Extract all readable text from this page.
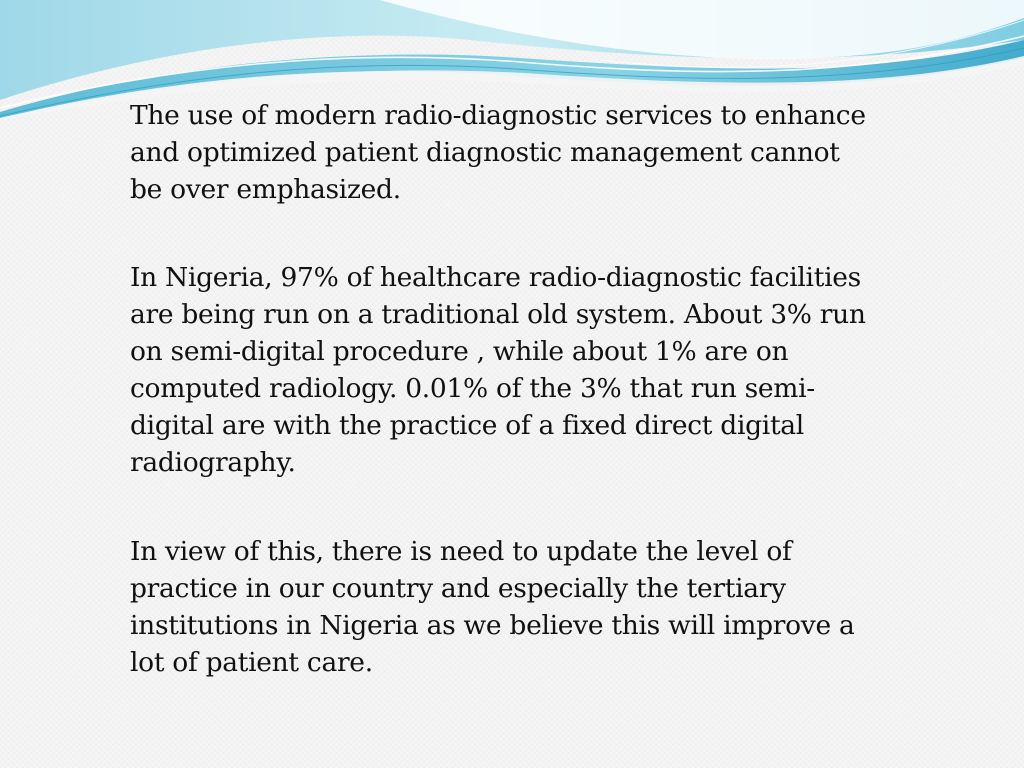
The use of modern radio-diagnostic services to enhance
and optimized patient diagnostic management cannot
be over emphasized.

In Nigeria, 97% of healthcare radio-diagnostic facilities
are being run on a traditional old system. About 3% run
on semi-digital procedure , while about 1% are on
computed radiology. 0.01% of the 3% that run semi-
digital are with the practice of a fixed direct digital
radiography.

In view of this, there is need to update the level of
practice in our country and especially the tertiary
institutions in Nigeria as we believe this will improve a
lot of patient care.
